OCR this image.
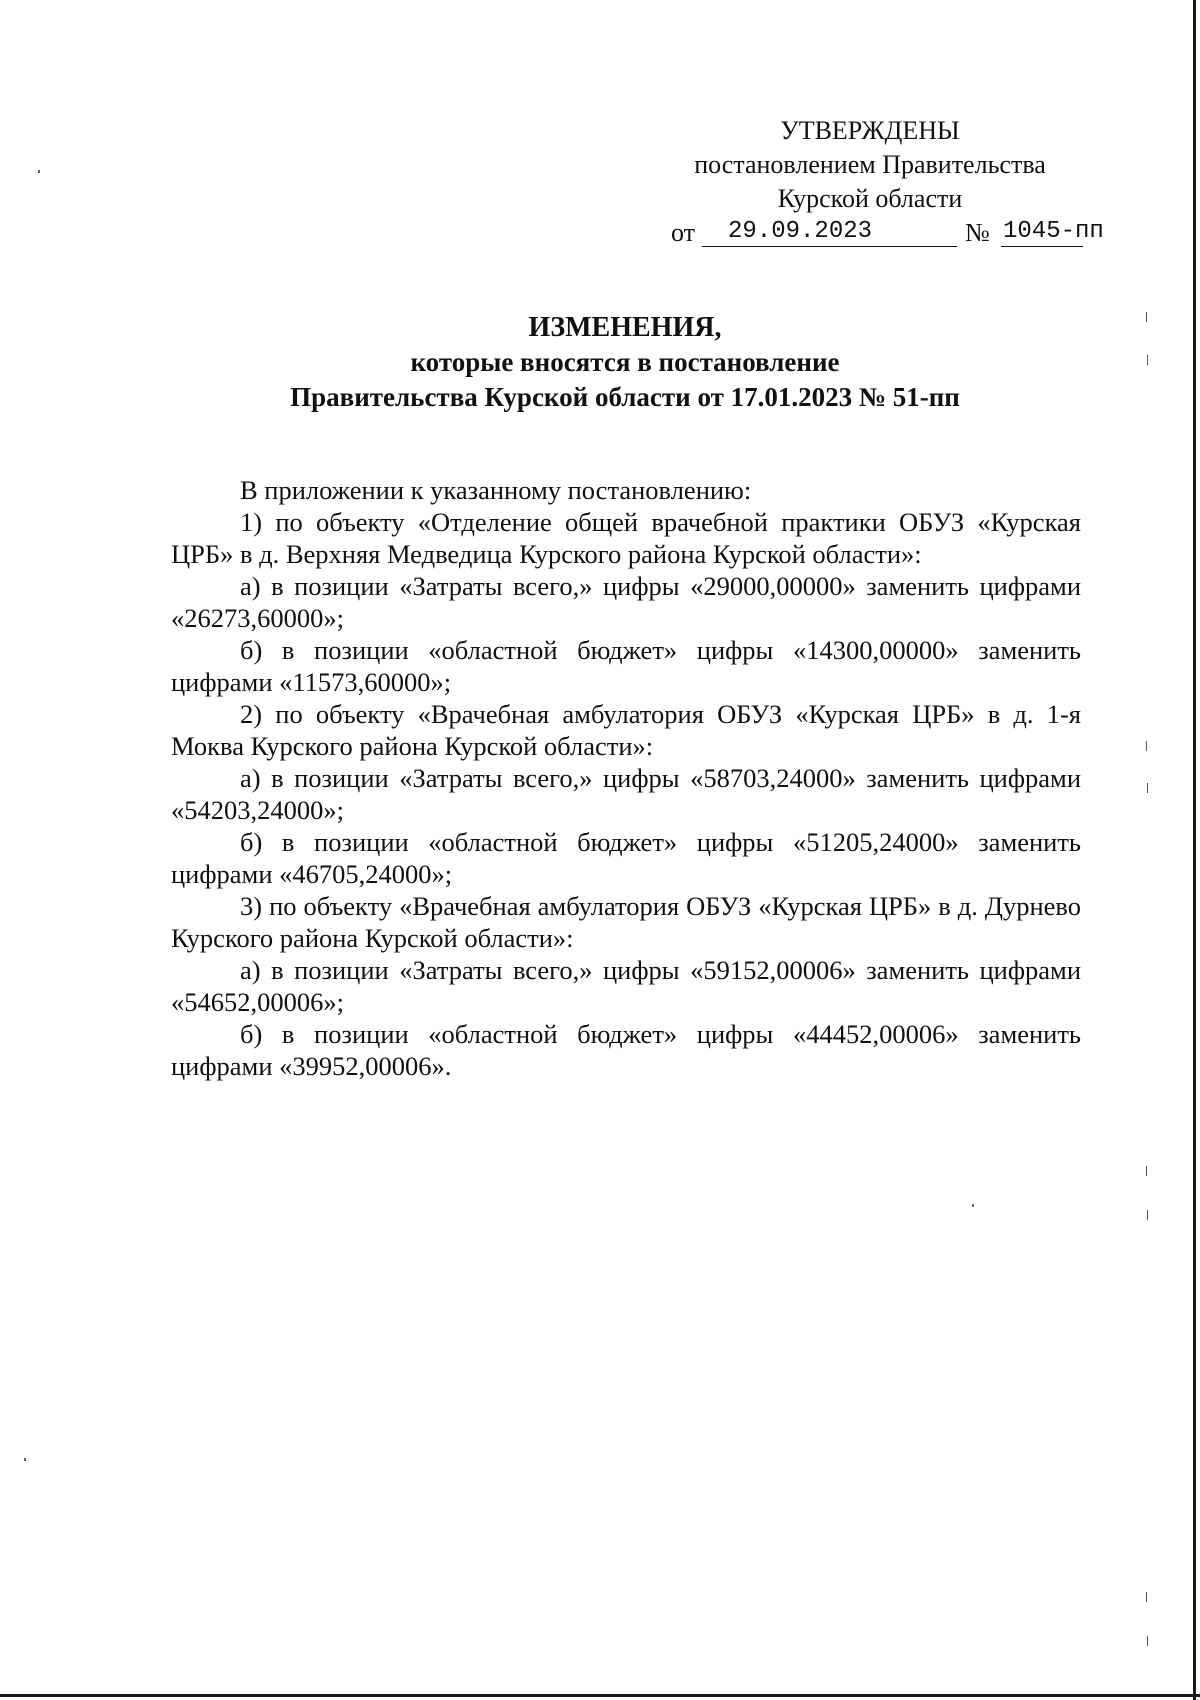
УТВЕРЖДЕНЫ
постановлением Правительства
Курской области
от 29.09.2023	№ 1045-пп
ИЗМЕНЕНИЯ,
которые вносятся в постановление
Правительства Курской области от 17.01.2023 № 51-пп

В приложении к указанному постановлению:

1) по объекту «Отделение общей врачебной практики ОБУЗ «Курская ЦРБ» в д. Верхняя Медведица Курского района Курской области»:

а) в позиции «Затраты всего,» цифры «29000,00000» заменить цифрами «26273,60000»;

б) в позиции «областной бюджет» цифры «14300,00000» заменить цифрами «11573,60000»;

2) по объекту «Врачебная амбулатория ОБУЗ «Курская ЦРБ» в д. 1-я Моква Курского района Курской области»:

а) в позиции «Затраты всего,» цифры «58703,24000» заменить цифрами «54203,24000»;

б) в позиции «областной бюджет» цифры «51205,24000» заменить цифрами «46705,24000»;

3) по объекту «Врачебная амбулатория ОБУЗ «Курская ЦРБ» в д. Дурнево Курского района Курской области»:

а) в позиции «Затраты всего,» цифры «59152,00006» заменить цифрами «54652,00006»;

б) в позиции «областной бюджет» цифры «44452,00006» заменить цифрами «39952,00006».
